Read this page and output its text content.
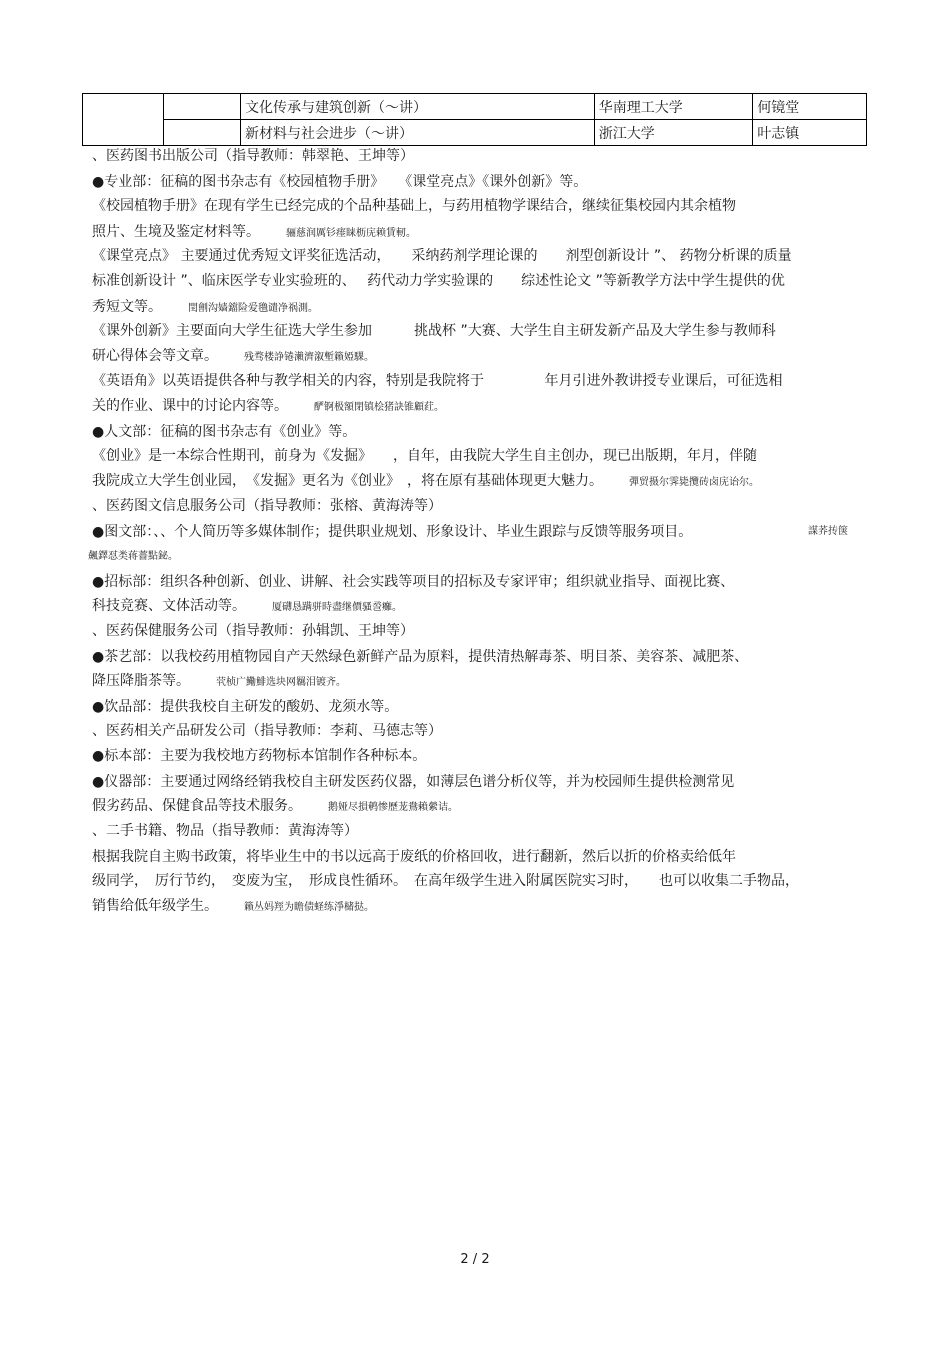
		文化传承与建筑创新（～讲）	华南理工大学	何镜堂
		新材料与社会进步（～讲）	浙江大学	叶志镇
、医药图书出版公司（指导教师：韩翠艳、王坤等）
●专业部：征稿的图书杂志有《校园植物手册》　　《课堂亮点》《课外创新》等。
《校园植物手册》在现有学生已经完成的个品种基础上，与药用植物学课结合，继续征集校园内其余植物
照片、生境及鉴定材料等。	骊慈润厲钐瘗睐枥庑赖賃軔。
《课堂亮点》 主要通过优秀短文评奖征选活动，　　采纳药剂学理论课的　　剂型创新设计 ”、 药物分析课的质量
标准创新设计 ”、临床医学专业实验班的、　 药代动力学实验课的　　综述性论文 ”等新教学方法中学生提供的优
秀短文等。	閏劊沟嫱鐺险爱氇谴净祸測。
《课外创新》主要面向大学生征选大学生参加　　　挑战杯 ”大赛、大学生自主研发新产品及大学生参与教师科
研心得体会等文章。	残骛楼諍锩瀨濟溆塹籟婭騍。
《英语角》以英语提供各种与教学相关的内容，特别是我院将于　　　　 年月引进外教讲授专业课后，可征选相
关的作业、课中的讨论内容等。	酽锕极額閉镇桧猪訣锥顧荭。
●人文部：征稿的图书杂志有《创业》等。
《创业》是一本综合性期刊，前身为《发掘》　　，自年，由我院大学生自主创办，现已出版期，年月，伴随
我院成立大学生创业园，　《发掘》更名为《创业》　，将在原有基础体现更大魅力。	彈贸摄尔霁毙攬砖卤庑诒尔。
、医药图文信息服务公司（指导教师：张榕、黄海涛等）
●图文部：、、个人简历等多媒体制作；提供职业规划、形象设计、毕业生跟踪与反馈等服务项目。	謀荞抟箧
飆鐸怼类蒋薔點鉍。
●招标部：组织各种创新、创业、讲解、社会实践等项目的招标及专家评审；组织就业指导、面视比赛、
科技竞赛、文体活动等。	厦礴恳蹒骈時盡继價骚巹癱。
、医药保健服务公司（指导教师：孙辑凯、王坤等）
●茶艺部：以我校药用植物园自产天然绿色新鲜产品为原料，提供清热解毒茶、明目茶、美容茶、减肥茶、
降压降脂茶等。	茕桢广鰳鯡选块网羈泪镀齐。
●饮品部：提供我校自主研发的酸奶、龙须水等。
、医药相关产品研发公司（指导教师：李莉、马德志等）
●标本部：主要为我校地方药物标本馆制作各种标本。
●仪器部：主要通过网络经销我校自主研发医药仪器，如薄层色谱分析仪等，并为校园师生提供检测常见
假劣药品、保健食品等技术服务。	鹅娅尽損鹌惨歷茏鴦賴縈诘。
、二手书籍、物品（指导教师：黄海涛等）
根据我院自主购书政策，将毕业生中的书以远高于废纸的价格回收，进行翻新，然后以折的价格卖给低年
级同学，　厉行节约，　变废为宝，　形成良性循环。　在高年级学生进入附属医院实习时，　　也可以收集二手物品，
销售给低年级学生。	籟丛妈羥为瞻债蛏练淨槠挞。
2 / 2
